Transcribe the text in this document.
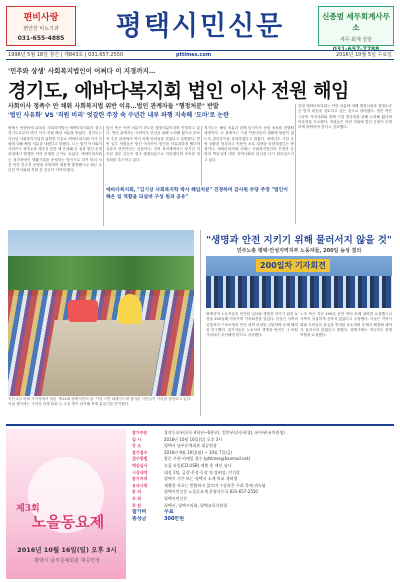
편비사랑
편안한 비뇨기과
031-655-4885	평택시민신문	신종범 세무회계사무소
세무·회계 상담
031-657-7788
1998년 5월 18일 창간 | 제843호 | 031.657.2550	pttimes.com	2016년 10월 5일 수요일
'민주와 상생' 사회복지법인이 어쩌다 이 지경까지…
경기도, 에바다복지회 법인 이사 전원 해임
사회이사 정족수 안 채워 사회복지법 위반 이유…법인 관계자들 "행정처분" 반발
'법인 사유화' VS '직원 비리' 엇갈린 주장 속 수년간 내부 파행 지속해 '도마'로 논란
평택시 안중읍에 위치한 사회복지법인 에바다복지회가 결국 경기도로부터 법인 이사 전원 해임 처분을 받았다. 경기도는 지난달 사회복지사업법 위반을 이유로 에바다복지회 이사 전원에 대해 해임 처분을 내렸다고 밝혔다. 도는 법인 이사회가 사외이사 정족수를 채우지 못한 채 운영돼 온 점과 법인 운영 과정에서 발생한 여러 문제를 근거로 들었다. 에바다복지회는 청각장애인 생활시설을 운영하는 법인으로 과거 비리 사건 이후 민주적 운영을 표방하며 새롭게 출발했으나 최근 수년간 이사회와 직원 간 갈등이 이어져 왔다.
법인 측은 이번 처분이 과도한 행정처분이라며 반발하고 있다. 법인 관계자는 사외이사 선임을 위해 노력해 왔으나 후보자 추천 과정에서 여러 차례 어려움을 겪었다고 설명했다. 반면 일부 직원들은 법인 이사진이 법인을 사유화하려 했다며 처분이 당연하다는 입장이다. 지역 복지계에서는 장기간 지속된 내부 갈등이 결국 행정처분으로 이어졌다며 조속한 정상화를 촉구하고 있다.
에바다복지회, "김기상 사회복지학 박사 해임처분" 진정하며 감사원 부당 주장 "법인이 해온 일 역할을 되살려 구성 원과 공유"
경기도는 해임 처분과 함께 임시이사 선임 절차를 진행할 예정이다. 도 관계자는 시설 이용인들의 생활에 불편이 없도록 관리감독을 강화하겠다고 밝혔다. 평택시도 시설 운영 상황을 점검하고 이용인 보호 대책을 마련하겠다는 방침이다. 에바다복지회 사태는 사회복지법인의 투명한 운영과 책임성에 대한 지역사회의 관심을 다시 불러일으키고 있다.
한편 에바다복지회는 이번 처분에 대해 행정심판과 행정소송 등 법적 대응을 검토하고 있는 것으로 알려졌다. 법인 측은 그동안 지역사회와 함께 시설 정상화를 위해 노력해 왔다며 억울함을 호소했다. 직원들은 이번 기회에 법인 운영이 투명하게 바뀌어야 한다고 강조했다.
지난 2일 평택 시가지에서 열린 '제14회 평택시민의 날' 기념 시민 퍼레이드에 참가한 시민들이 거리를 행진하고 있다. 이날 행사에는 시민과 단체 회원 등 수천 명이 참여해 축제 분위기를 만끽했다.
"생명과 안전 지키기 위해 물러서지 않을 것"
민주노총 평택·안성지역지부 노동자들, 200일 농성 결의
200일차 기자회견
평택지역 노동자들이 안전한 일터와 생명을 지키기 위한 농성을 200일째 이어가며 기자회견을 열었다. 이들은 사측의 일방적인 구조조정과 안전 대책 미비를 규탄하며 문제 해결을 촉구했다. 참가자들은 노동자의 생명과 안전은 그 어떤 가치보다 우선해야 한다고 강조했다.
노조 측은 지난 200일 동안 여러 차례 대화를 요청했으나 사측이 성실하게 응하지 않았다고 주장했다. 이들은 지역사회와 시민들의 관심과 연대를 호소하며 문제가 해결될 때까지 물러서지 않겠다고 밝혔다. 평택시에도 적극적인 중재 역할을 요청했다.
제3회
노을동요제
2016년 10월 16일(일) 오후 3시
평택시 남부문예회관 대공연장
참가부문	창작동요부(초등 4학년~6학년), 일반부(초등학생), 유아부(유치원생)
일 시	2016년 10월 16일(일) 오후 3시
장 소	평택시 남부문예회관 대공연장
참가접수	2016년 9월 19일(월) ~ 10월 7일(금)
접수방법	방문·우편·이메일 접수 (pttimes@hanmail.net)
예선심사	녹음 파일(CD·USB) 제출 후 예선 심사
시상내역	대상 1팀, 금상·은상·동상 및 장려상, 인기상
참가자격	평택시 거주 또는 평택시 소재 학교 재학생
유의사항	제출한 자료는 반환하지 않으며 수상작은 주최 측에 귀속됨
문 의	평택시민신문 노을동요제 운영사무국 031-657-2550
주 최	평택시민신문
후 원	평택시, 평택시의회, 평택교육지원청
참가비	무료
총상금	300만원
